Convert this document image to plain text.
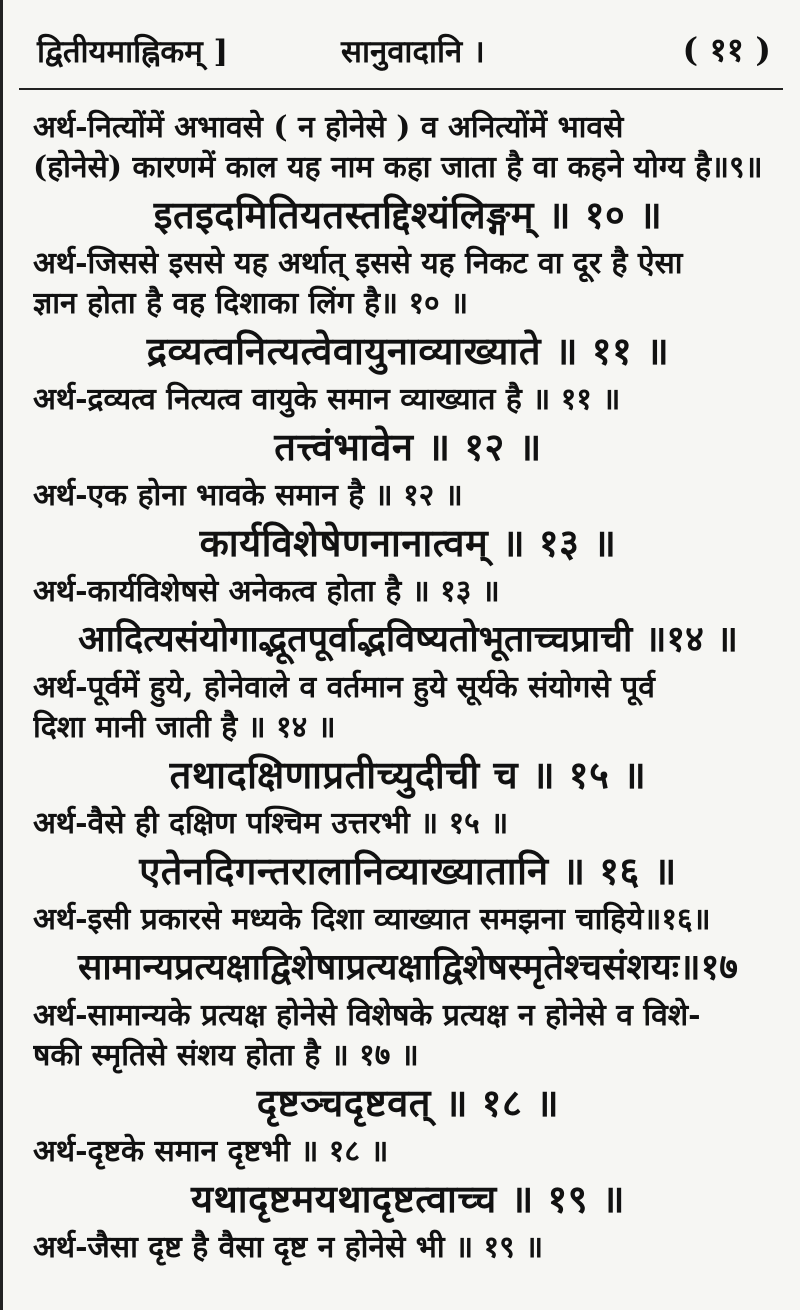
द्वितीयमाह्निकम् ]	सानुवादानि ।	( ११ )
अर्थ-नित्योंमें अभावसे ( न होनेसे ) व अनित्योंमें भावसे
(होनेसे) कारणमें काल यह नाम कहा जाता है वा कहने योग्य है॥९॥
इतइदमितियतस्तद्दिश्यंलिङ्गम् ॥ १० ॥
अर्थ-जिससे इससे यह अर्थात् इससे यह निकट वा दूर है ऐसा
ज्ञान होता है वह दिशाका लिंग है॥ १० ॥
द्रव्यत्वनित्यत्वेवायुनाव्याख्याते ॥ ११ ॥
अर्थ-द्रव्यत्व नित्यत्व वायुके समान व्याख्यात है ॥ ११ ॥
तत्त्वंभावेन ॥ १२ ॥
अर्थ-एक होना भावके समान है ॥ १२ ॥
कार्यविशेषेणनानात्वम् ॥ १३ ॥
अर्थ-कार्यविशेषसे अनेकत्व होता है ॥ १३ ॥
आदित्यसंयोगाद्भूतपूर्वाद्भविष्यतोभूताच्चप्राची ॥१४ ॥
अर्थ-पूर्वमें हुये, होनेवाले व वर्तमान हुये सूर्यके संयोगसे पूर्व
दिशा मानी जाती है ॥ १४ ॥
तथादक्षिणाप्रतीच्युदीची च ॥ १५ ॥
अर्थ-वैसे ही दक्षिण पश्चिम उत्तरभी ॥ १५ ॥
एतेनदिगन्तरालानिव्याख्यातानि ॥ १६ ॥
अर्थ-इसी प्रकारसे मध्यके दिशा व्याख्यात समझना चाहिये॥१६॥
सामान्यप्रत्यक्षाद्विशेषाप्रत्यक्षाद्विशेषस्मृतेश्चसंशयः॥१७
अर्थ-सामान्यके प्रत्यक्ष होनेसे विशेषके प्रत्यक्ष न होनेसे व विशे-
षकी स्मृतिसे संशय होता है ॥ १७ ॥
दृष्टञ्चदृष्टवत् ॥ १८ ॥
अर्थ-दृष्टके समान दृष्टभी ॥ १८ ॥
यथादृष्टमयथादृष्टत्वाच्च ॥ १९ ॥
अर्थ-जैसा दृष्ट है वैसा दृष्ट न होनेसे भी ॥ १९ ॥
